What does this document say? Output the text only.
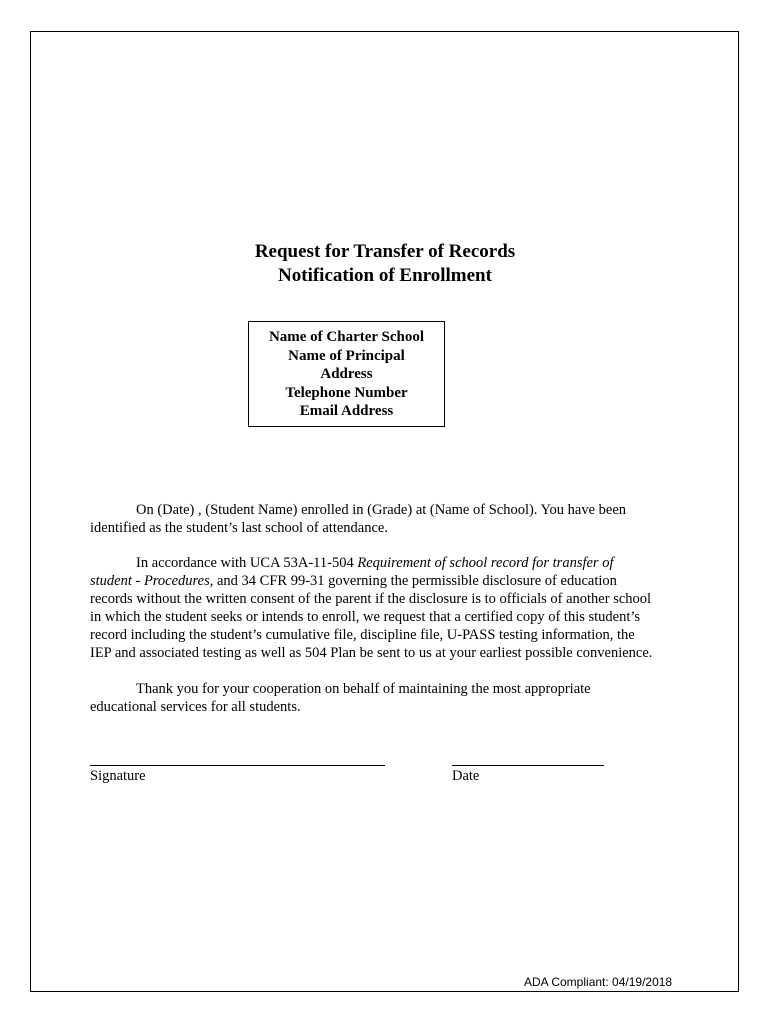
Request for Transfer of Records
Notification of Enrollment
Name of Charter School
Name of Principal
Address
Telephone Number
Email Address
On (Date) , (Student Name) enrolled in (Grade) at (Name of School). You have been
identified as the student’s last school of attendance.
In accordance with UCA 53A-11-504 Requirement of school record for transfer of
student - Procedures, and 34 CFR 99-31 governing the permissible disclosure of education
records without the written consent of the parent if the disclosure is to officials of another school
in which the student seeks or intends to enroll, we request that a certified copy of this student’s
record including the student’s cumulative file, discipline file, U-PASS testing information, the
IEP and associated testing as well as 504 Plan be sent to us at your earliest possible convenience.
Thank you for your cooperation on behalf of maintaining the most appropriate
educational services for all students.
Signature	Date
ADA Compliant: 04/19/2018
